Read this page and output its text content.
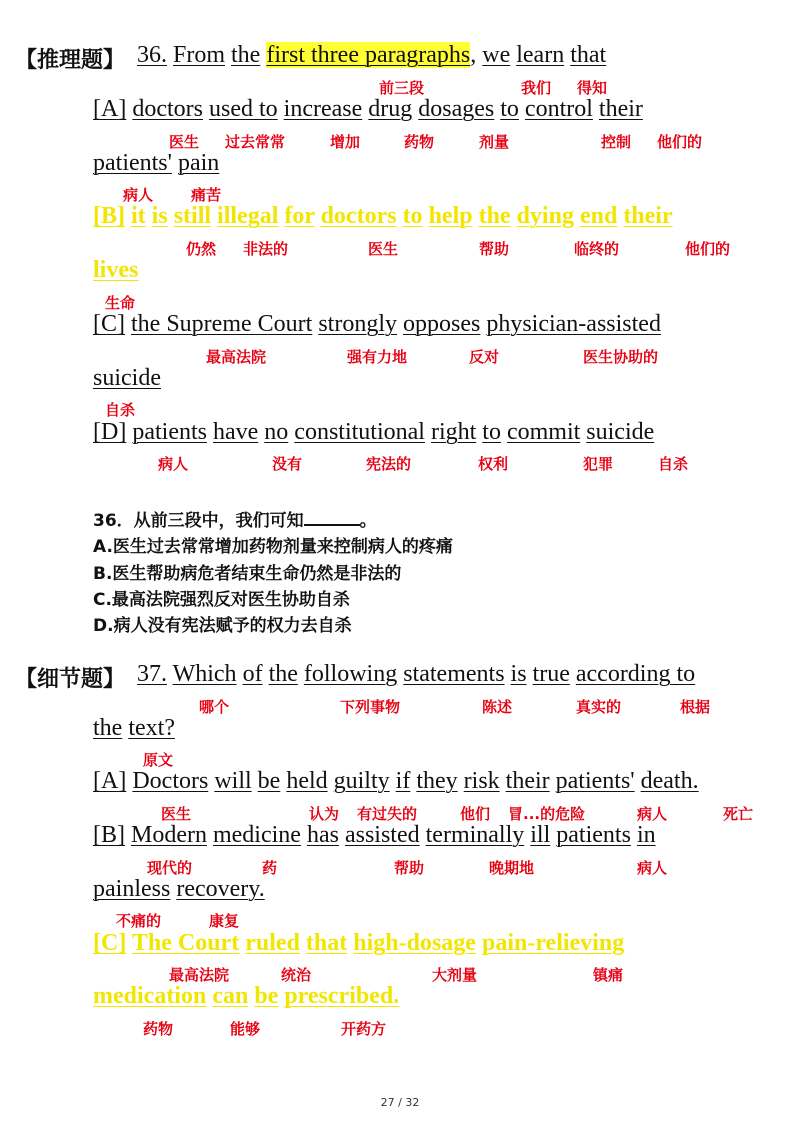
【推理题】 36. From the first three paragraphs, we learn that
前三段	我们 得知
[A] doctors used to increase drug dosages to control their
医生 过去常常	增加	药物	剂量	控制 他们的
patients' pain
病人	痛苦
[B] it is still illegal for doctors to help the dying end their
仍然 非法的	医生	帮助	临终的	他们的
lives
生命
[C] the Supreme Court strongly opposes physician-assisted
最高法院	强有力地	反对	医生协助的
suicide
自杀
[D] patients have no constitutional right to commit suicide
病人	没有	宪法的	权利	犯罪	自杀
36．从前三段中，我们可知	。
A.医生过去常常增加药物剂量来控制病人的疼痛
B.医生帮助病危者结束生命仍然是非法的
C.最高法院强烈反对医生协助自杀
D.病人没有宪法赋予的权力去自杀
【细节题】 37. Which of the following statements is true according to
哪个	下列事物	陈述	真实的	根据
the text?
原文
[A] Doctors will be held guilty if they risk their patients' death.
医生	认为 有过失的	他们 冒...的危险	病人	死亡
[B] Modern medicine has assisted terminally ill patients in
现代的	药	帮助	晚期地	病人
painless recovery.
不痛的	康复
[C] The Court ruled that high-dosage pain-relieving
最高法院	统治	大剂量	镇痛
medication can be prescribed.
药物	能够	开药方
27 / 32
